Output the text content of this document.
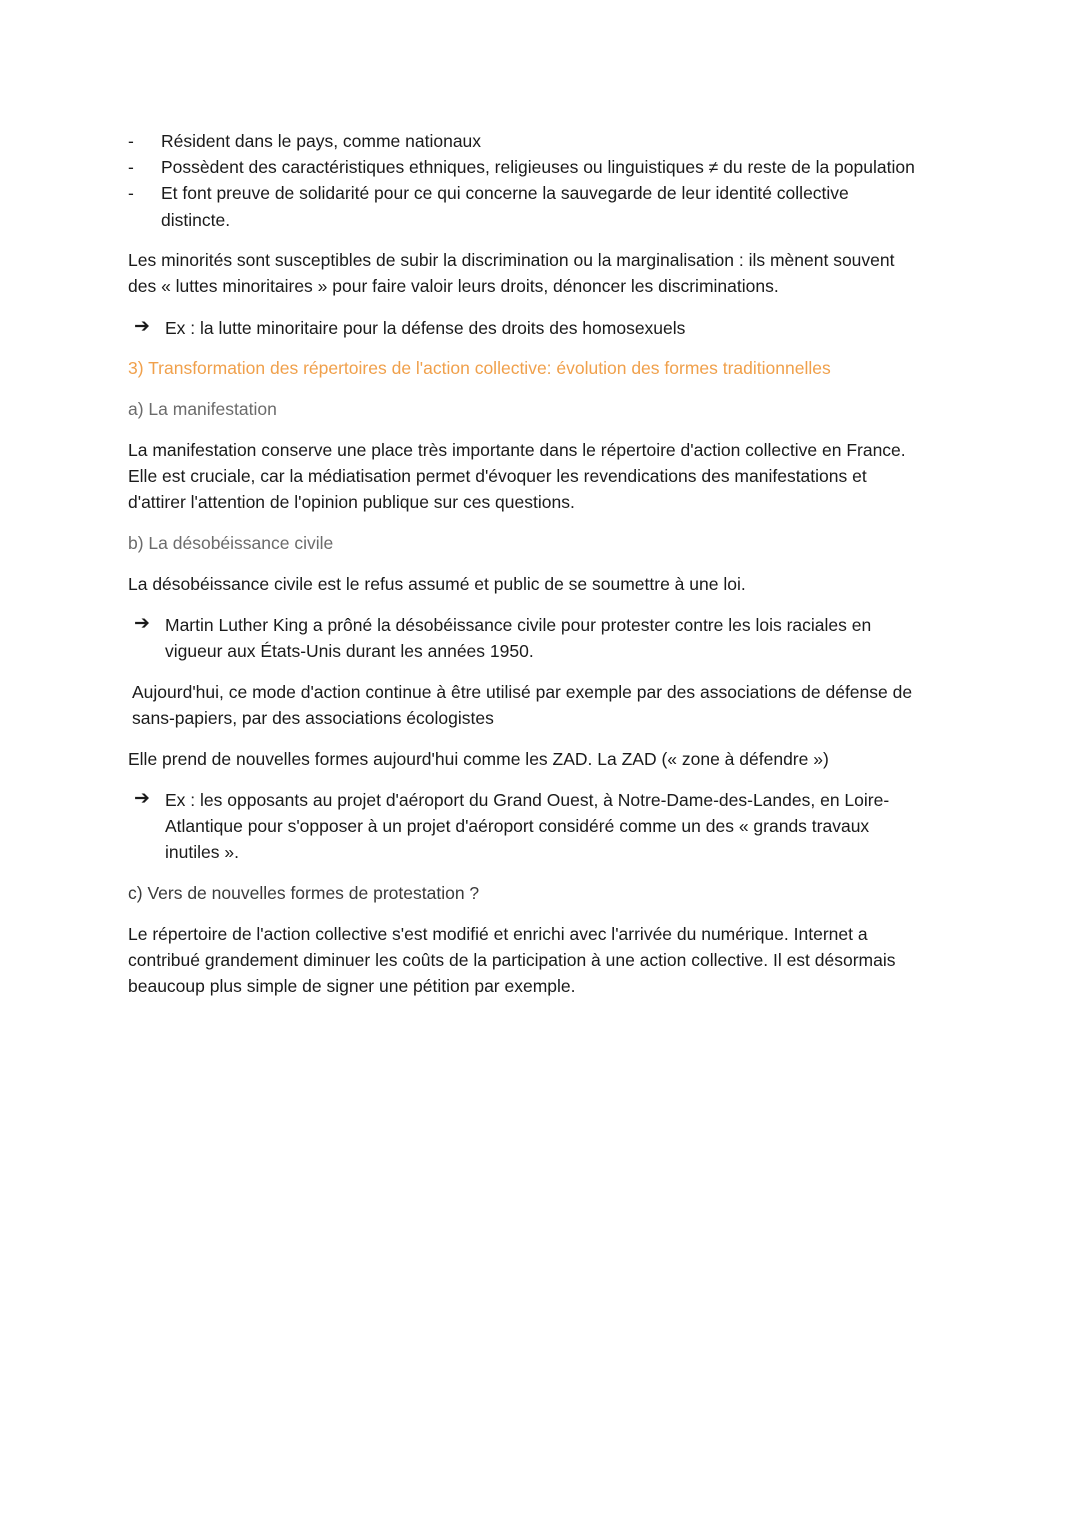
- Résident dans le pays, comme nationaux

- Possèdent des caractéristiques ethniques, religieuses ou linguistiques ≠ du reste de la population

- Et font preuve de solidarité pour ce qui concerne la sauvegarde de leur identité collective

distincte.

Les minorités sont susceptibles de subir la discrimination ou la marginalisation : ils mènent souvent

des « luttes minoritaires » pour faire valoir leurs droits, dénoncer les discriminations.

➔ Ex : la lutte minoritaire pour la défense des droits des homosexuels

3) Transformation des répertoires de l'action collective: évolution des formes traditionnelles

a) La manifestation

La manifestation conserve une place très importante dans le répertoire d'action collective en France.

Elle est cruciale, car la médiatisation permet d'évoquer les revendications des manifestations et

d'attirer l'attention de l'opinion publique sur ces questions.

b) La désobéissance civile

La désobéissance civile est le refus assumé et public de se soumettre à une loi.

➔ Martin Luther King a prôné la désobéissance civile pour protester contre les lois raciales en

vigueur aux États-Unis durant les années 1950.

Aujourd'hui, ce mode d'action continue à être utilisé par exemple par des associations de défense de

sans-papiers, par des associations écologistes

Elle prend de nouvelles formes aujourd'hui comme les ZAD. La ZAD (« zone à défendre »)

➔ Ex : les opposants au projet d'aéroport du Grand Ouest, à Notre-Dame-des-Landes, en Loire-

Atlantique pour s'opposer à un projet d'aéroport considéré comme un des « grands travaux

inutiles ».

c) Vers de nouvelles formes de protestation ?

Le répertoire de l'action collective s'est modifié et enrichi avec l'arrivée du numérique. Internet a

contribué grandement diminuer les coûts de la participation à une action collective. Il est désormais

beaucoup plus simple de signer une pétition par exemple.
